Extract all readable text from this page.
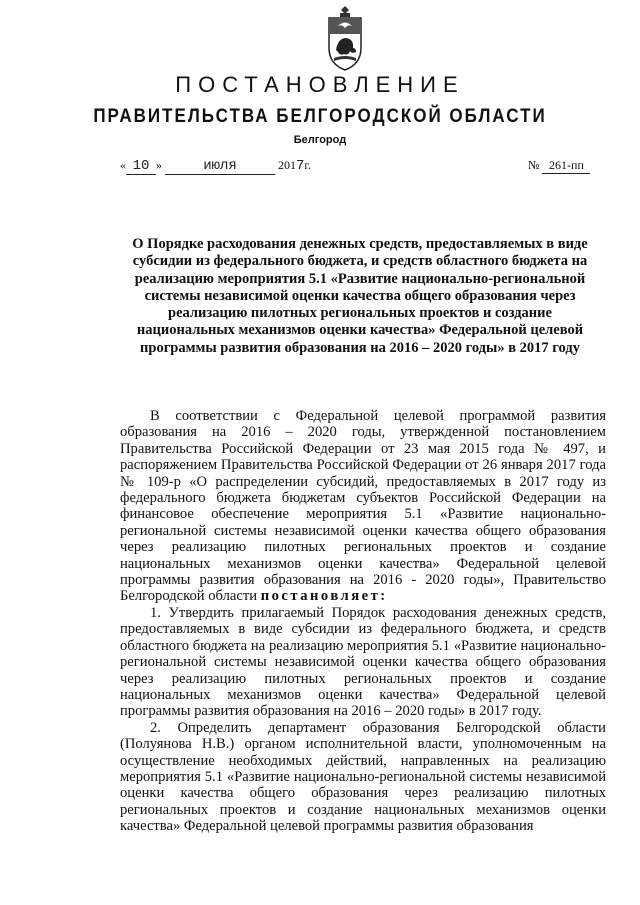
ПОСТАНОВЛЕНИЕ
ПРАВИТЕЛЬСТВА БЕЛГОРОДСКОЙ ОБЛАСТИ
Белгород
« 10 »	июля	2017г.	№ 261-пп
О Порядке расходования денежных средств, предоставляемых в виде субсидии из федерального бюджета, и средств областного бюджета на реализацию мероприятия 5.1 «Развитие национально-региональной системы независимой оценки качества общего образования через реализацию пилотных региональных проектов и создание национальных механизмов оценки качества» Федеральной целевой программы развития образования на 2016 – 2020 годы» в 2017 году

В соответствии с Федеральной целевой программой развития образования на 2016 – 2020 годы, утвержденной постановлением Правительства Российской Федерации от 23 мая 2015 года № 497, и распоряжением Правительства Российской Федерации от 26 января 2017 года № 109-р «О распределении субсидий, предоставляемых в 2017 году из федерального бюджета бюджетам субъектов Российской Федерации на финансовое обеспечение мероприятия 5.1 «Развитие национально-региональной системы независимой оценки качества общего образования через реализацию пилотных региональных проектов и создание национальных механизмов оценки качества» Федеральной целевой программы развития образования на 2016 - 2020 годы», Правительство Белгородской области постановляет:

1. Утвердить прилагаемый Порядок расходования денежных средств, предоставляемых в виде субсидии из федерального бюджета, и средств областного бюджета на реализацию мероприятия 5.1 «Развитие национально-региональной системы независимой оценки качества общего образования через реализацию пилотных региональных проектов и создание национальных механизмов оценки качества» Федеральной целевой программы развития образования на 2016 – 2020 годы» в 2017 году.

2. Определить департамент образования Белгородской области (Полуянова Н.В.) органом исполнительной власти, уполномоченным на осуществление необходимых действий, направленных на реализацию мероприятия 5.1 «Развитие национально-региональной системы независимой оценки качества общего образования через реализацию пилотных региональных проектов и создание национальных механизмов оценки качества» Федеральной целевой программы развития образования
